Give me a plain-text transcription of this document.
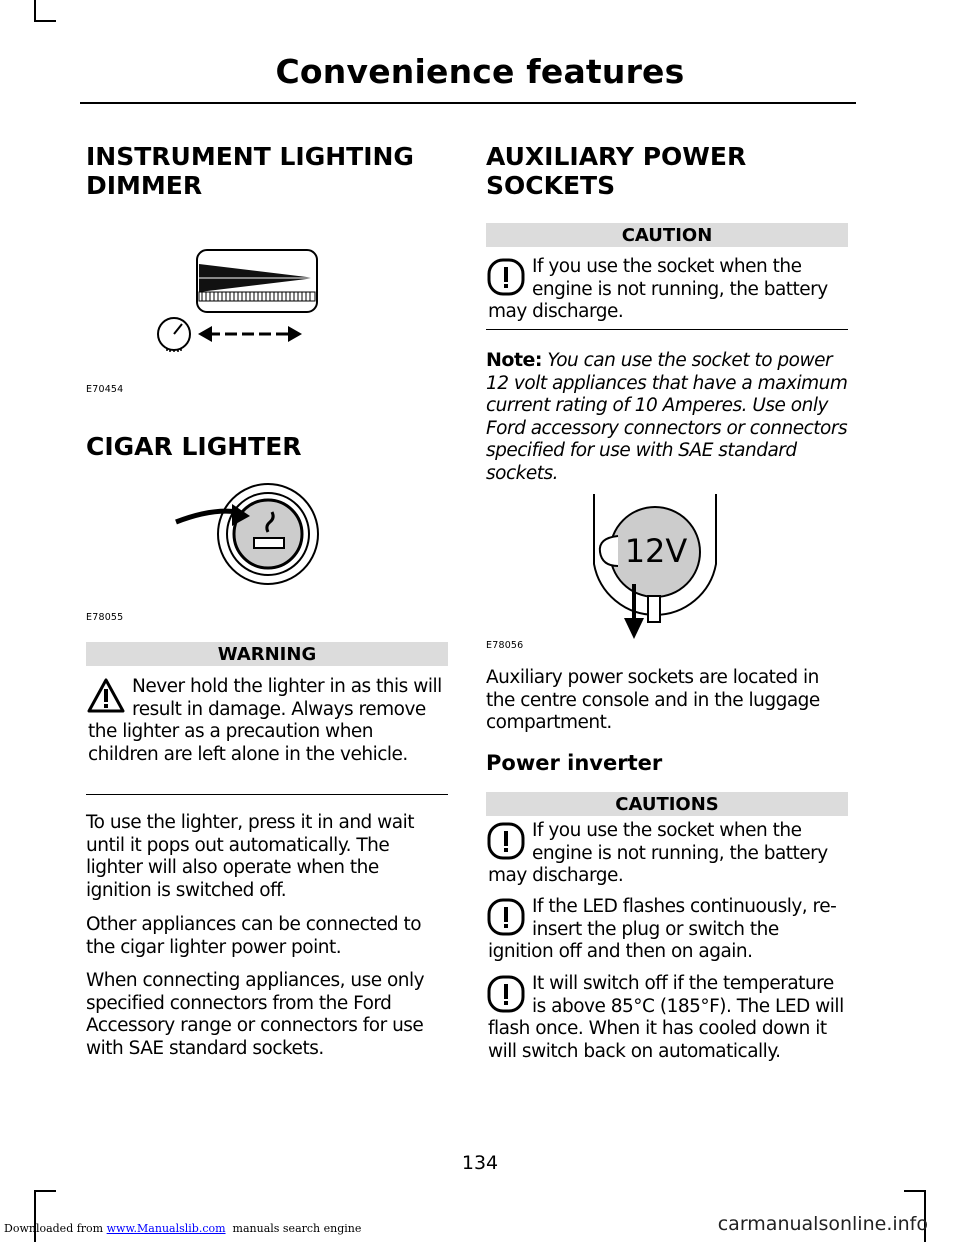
Convenience features
INSTRUMENT LIGHTING DIMMER
E70454
CIGAR LIGHTER
E78055
WARNING
Never hold the lighter in as this will result in damage. Always remove the lighter as a precaution when children are left alone in the vehicle.
To use the lighter, press it in and wait until it pops out automatically. The lighter will also operate when the ignition is switched off.
Other appliances can be connected to the cigar lighter power point.
When connecting appliances, use only specified connectors from the Ford Accessory range or connectors for use with SAE standard sockets.
AUXILIARY POWER SOCKETS
CAUTION
If you use the socket when the engine is not running, the battery may discharge.
Note: You can use the socket to power 12 volt appliances that have a maximum current rating of 10 Amperes. Use only Ford accessory connectors or connectors specified for use with SAE standard sockets.
12V
E78056
Auxiliary power sockets are located in the centre console and in the luggage compartment.
Power inverter
CAUTIONS
If you use the socket when the engine is not running, the battery may discharge.
If the LED flashes continuously, re-insert the plug or switch the ignition off and then on again.
It will switch off if the temperature is above 85°C (185°F). The LED will flash once. When it has cooled down it will switch back on automatically.
134
Downloaded from www.Manualslib.com  manuals search engine	carmanualsonline.info
